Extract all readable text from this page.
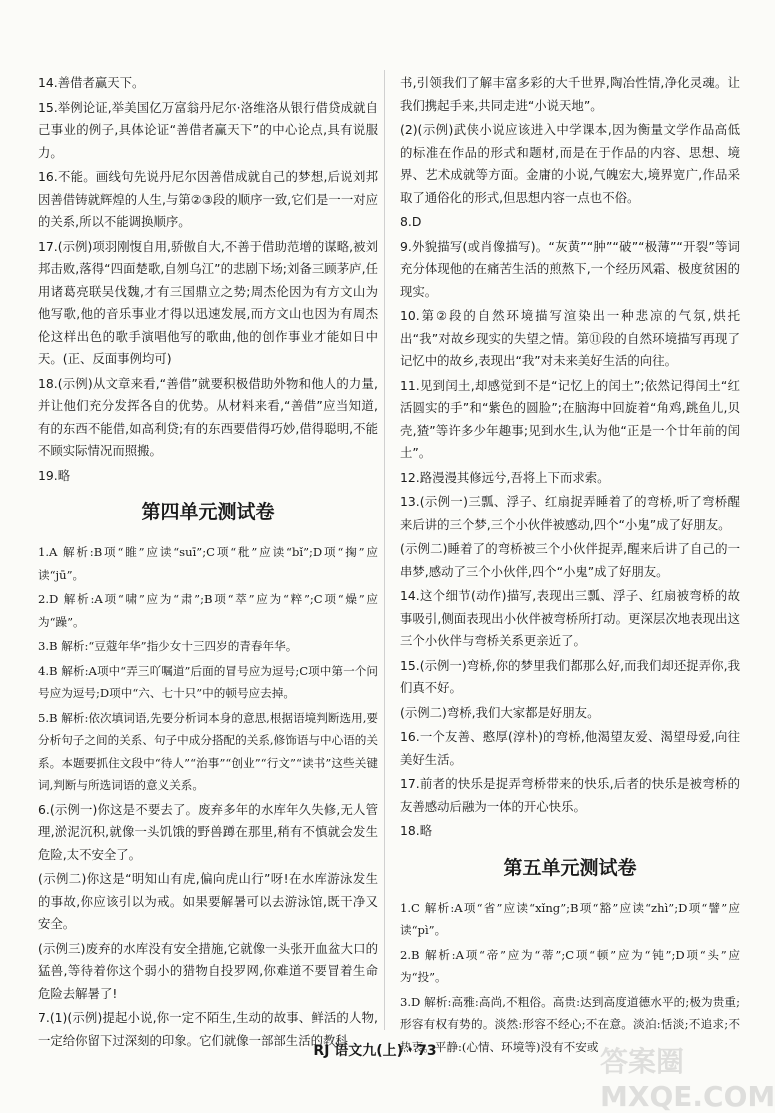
14.善借者赢天下。
15.举例论证,举美国亿万富翁丹尼尔·洛维洛从银行借贷成就自己事业的例子,具体论证“善借者赢天下”的中心论点,具有说服力。
16.不能。画线句先说丹尼尔因善借成就自己的梦想,后说刘邦因善借铸就辉煌的人生,与第②③段的顺序一致,它们是一一对应的关系,所以不能调换顺序。
17.(示例)项羽刚愎自用,骄傲自大,不善于借助范增的谋略,被刘邦击败,落得“四面楚歌,自刎乌江”的悲剧下场;刘备三顾茅庐,任用诸葛亮联吴伐魏,才有三国鼎立之势;周杰伦因为有方文山为他写歌,他的音乐事业才得以迅速发展,而方文山也因为有周杰伦这样出色的歌手演唱他写的歌曲,他的创作事业才能如日中天。(正、反面事例均可)
18.(示例)从文章来看,“善借”就要积极借助外物和他人的力量,并让他们充分发挥各自的优势。从材料来看,“善借”应当知道,有的东西不能借,如高利贷;有的东西要借得巧妙,借得聪明,不能不顾实际情况而照搬。
19.略
第四单元测试卷
1.A 解析:B项“睢”应读“suī”;C项“秕”应读“bǐ”;D项“掬”应读“jū”。
2.D 解析:A项“啸”应为“肃”;B项“萃”应为“粹”;C项“燥”应为“躁”。
3.B 解析:“豆蔻年华”指少女十三四岁的青春年华。
4.B 解析:A项中“弄三吖嘱道”后面的冒号应为逗号;C项中第一个问号应为逗号;D项中“六、七十只”中的顿号应去掉。
5.B 解析:依次填词语,先要分析词本身的意思,根据语境判断选用,要分析句子之间的关系、句子中成分搭配的关系,修饰语与中心语的关系。本题要抓住文段中“待人”“治事”“创业”“行文”“读书”这些关键词,判断与所选词语的意义关系。
6.(示例一)你这是不要去了。废弃多年的水库年久失修,无人管理,淤泥沉积,就像一头饥饿的野兽蹲在那里,稍有不慎就会发生危险,太不安全了。
(示例二)你这是“明知山有虎,偏向虎山行”呀!在水库游泳发生的事故,你应该引以为戒。如果要解暑可以去游泳馆,既干净又安全。
(示例三)废弃的水库没有安全措施,它就像一头张开血盆大口的猛兽,等待着你这个弱小的猎物自投罗网,你难道不要冒着生命危险去解暑了!
7.(1)(示例)提起小说,你一定不陌生,生动的故事、鲜活的人物,一定给你留下过深刻的印象。它们就像一部部生活的教科
书,引领我们了解丰富多彩的大千世界,陶冶性情,净化灵魂。让我们携起手来,共同走进“小说天地”。
(2)(示例)武侠小说应该进入中学课本,因为衡量文学作品高低的标准在作品的形式和题材,而是在于作品的内容、思想、境界、艺术成就等方面。金庸的小说,气魄宏大,境界宽广,作品采取了通俗化的形式,但思想内容一点也不俗。
8.D
9.外貌描写(或肖像描写)。“灰黄”“肿”“破”“极薄”“开裂”等词充分体现他的在痛苦生活的煎熬下,一个经历风霜、极度贫困的现实。
10.第②段的自然环境描写渲染出一种悲凉的气氛,烘托出“我”对故乡现实的失望之情。第⑪段的自然环境描写再现了记忆中的故乡,表现出“我”对未来美好生活的向往。
11.见到闰土,却感觉到不是“记忆上的闰土”;依然记得闰土“红活圆实的手”和“紫色的圆脸”;在脑海中回旋着“角鸡,跳鱼儿,贝壳,猹”等许多少年趣事;见到水生,认为他“正是一个廿年前的闰土”。
12.路漫漫其修远兮,吾将上下而求索。
13.(示例一)三瓢、浮子、红扇捉弄睡着了的弯桥,听了弯桥醒来后讲的三个梦,三个小伙伴被感动,四个“小鬼”成了好朋友。
(示例二)睡着了的弯桥被三个小伙伴捉弄,醒来后讲了自己的一串梦,感动了三个小伙伴,四个“小鬼”成了好朋友。
14.这个细节(动作)描写,表现出三瓢、浮子、红扇被弯桥的故事吸引,侧面表现出小伙伴被弯桥所打动。更深层次地表现出这三个小伙伴与弯桥关系更亲近了。
15.(示例一)弯桥,你的梦里我们都那么好,而我们却还捉弄你,我们真不好。
(示例二)弯桥,我们大家都是好朋友。
16.一个友善、憨厚(淳朴)的弯桥,他渴望友爱、渴望母爱,向往美好生活。
17.前者的快乐是捉弄弯桥带来的快乐,后者的快乐是被弯桥的友善感动后融为一体的开心快乐。
18.略
第五单元测试卷
1.C 解析:A项“省”应读“xǐng”;B项“豁”应读“zhì”;D项“譬”应读“pì”。
2.B 解析:A项“帝”应为“蒂”;C项“顿”应为“钝”;D项“头”应为“投”。
3.D 解析:高雅:高尚,不粗俗。高贵:达到高度道德水平的;极为贵重;形容有权有势的。淡然:形容不经心;不在意。淡泊:恬淡;不追求;不热衷。平静:(心情、环境等)没有不安或
RJ 语文九(上)・73	答案圈 MXQE.COM
